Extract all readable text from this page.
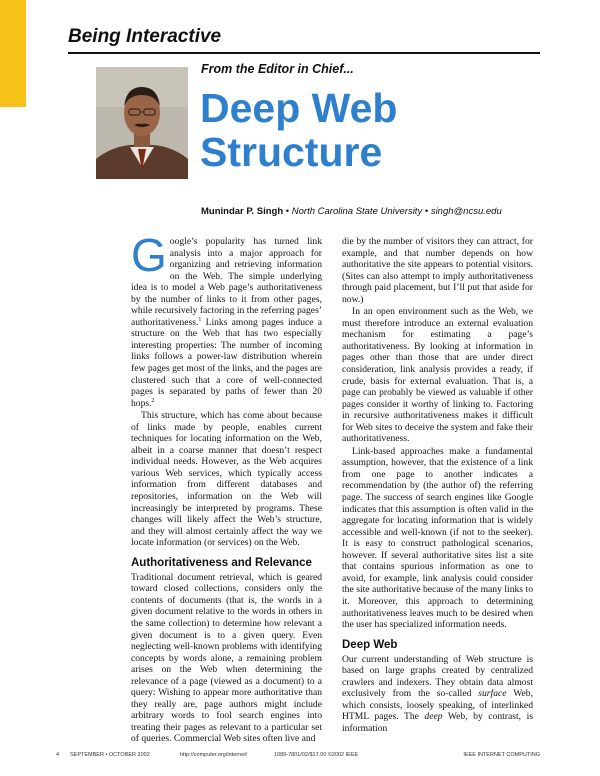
Being Interactive
From the Editor in Chief...
Deep Web
Structure
Munindar P. Singh • North Carolina State University • singh@ncsu.edu

Google’s popularity has turned link analysis into a major approach for organizing and retrieving information on the Web. The simple underlying idea is to model a Web page’s authoritativeness by the number of links to it from other pages, while recursively factoring in the referring pages’ authoritativeness.$^1$ Links among pages induce a structure on the Web that has two especially interesting properties: The number of incoming links follows a power-law distribution wherein few pages get most of the links, and the pages are clustered such that a core of well-connected pages is separated by paths of fewer than 20 hops.$^2$

This structure, which has come about because of links made by people, enables current techniques for locating information on the Web, albeit in a coarse manner that doesn’t respect individual needs. However, as the Web acquires various Web services, which typically access information from different databases and repositories, information on the Web will increasingly be interpreted by programs. These changes will likely affect the Web’s structure, and they will almost certainly affect the way we locate information (or services) on the Web.

Authoritativeness and Relevance

Traditional document retrieval, which is geared toward closed collections, considers only the contents of documents (that is, the words in a given document relative to the words in others in the same collection) to determine how relevant a given document is to a given query. Even neglecting well-known problems with identifying concepts by words alone, a remaining problem arises on the Web when determining the relevance of a page (viewed as a document) to a query: Wishing to appear more authoritative than they really are, page authors might include arbitrary words to fool search engines into treating their pages as relevant to a particular set of queries. Commercial Web sites often live and

die by the number of visitors they can attract, for example, and that number depends on how authoritative the site appears to potential visitors. (Sites can also attempt to imply authoritativeness through paid placement, but I’ll put that aside for now.)

In an open environment such as the Web, we must therefore introduce an external evaluation mechanism for estimating a page’s authoritativeness. By looking at information in pages other than those that are under direct consideration, link analysis provides a ready, if crude, basis for external evaluation. That is, a page can probably be viewed as valuable if other pages consider it worthy of linking to. Factoring in recursive authoritativeness makes it difficult for Web sites to deceive the system and fake their authoritativeness.

Link-based approaches make a fundamental assumption, however, that the existence of a link from one page to another indicates a recommendation by (the author of) the referring page. The success of search engines like Google indicates that this assumption is often valid in the aggregate for locating information that is widely accessible and well-known (if not to the seeker). It is easy to construct pathological scenarios, however. If several authoritative sites list a site that contains spurious information as one to avoid, for example, link analysis could consider the site authoritative because of the many links to it. Moreover, this approach to determining authoritativeness leaves much to be desired when the user has specialized information needs.

Deep Web

Our current understanding of Web structure is based on large graphs created by centralized crawlers and indexers. They obtain data almost exclusively from the so-called surface Web, which consists, loosely speaking, of interlinked HTML pages. The deep Web, by contrast, is information

4 SEPTEMBER • OCTOBER 2002	http://computer.org/internet/	1089-7801/02/$17.00 ©2002 IEEE	IEEE INTERNET COMPUTING
